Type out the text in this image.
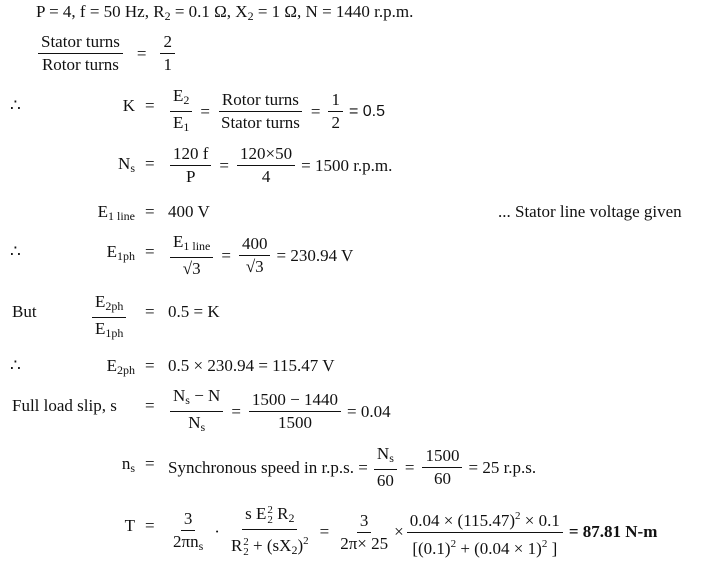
P = 4, f = 50 Hz, $R_2 = 0.1$ Ω, $X_2 = 1$ Ω, N = 1440 r.p.m.
$\frac{\text{Stator turns}}{\text{Rotor turns}} = \frac{2}{1}$
∴	$K = \frac{E_2}{E_1} = \frac{\text{Rotor turns}}{\text{Stator turns}} = \frac{1}{2} = 0.5$
$N_s = \frac{120 f}{P} = \frac{120\times 50}{4} = 1500$ r.p.m.
$E_{1 line} = 400$ V	... Stator line voltage given
∴	$E_{1ph} = \frac{E_{1 line}}{√3} = \frac{400}{√3} = 230.94$ V
But	$\frac{E_{2ph}}{E_{1ph}} = 0.5 = K$
∴	$E_{2ph} = 0.5 \times 230.94 = 115.47$ V
Full load slip, $s = \frac{N_s - N}{N_s} = \frac{1500 - 1440}{1500} = 0.04$
$n_s$ = Synchronous speed in r.p.s. = $\frac{N_s}{60} = \frac{1500}{60} = 25$ r.p.s.
$T = \frac{3}{2\pi n_s} \cdot s$ E 2
2 $R_2$
R 2
$2 + (sX_2)^2 = \frac{3}{2\pi\times 25} \times \frac{0.04 \times (115.47)^2 \times 0.1}{[(0.1)^2 + (0.04 \times 1)^2 ]} = 87.81$ N-m
